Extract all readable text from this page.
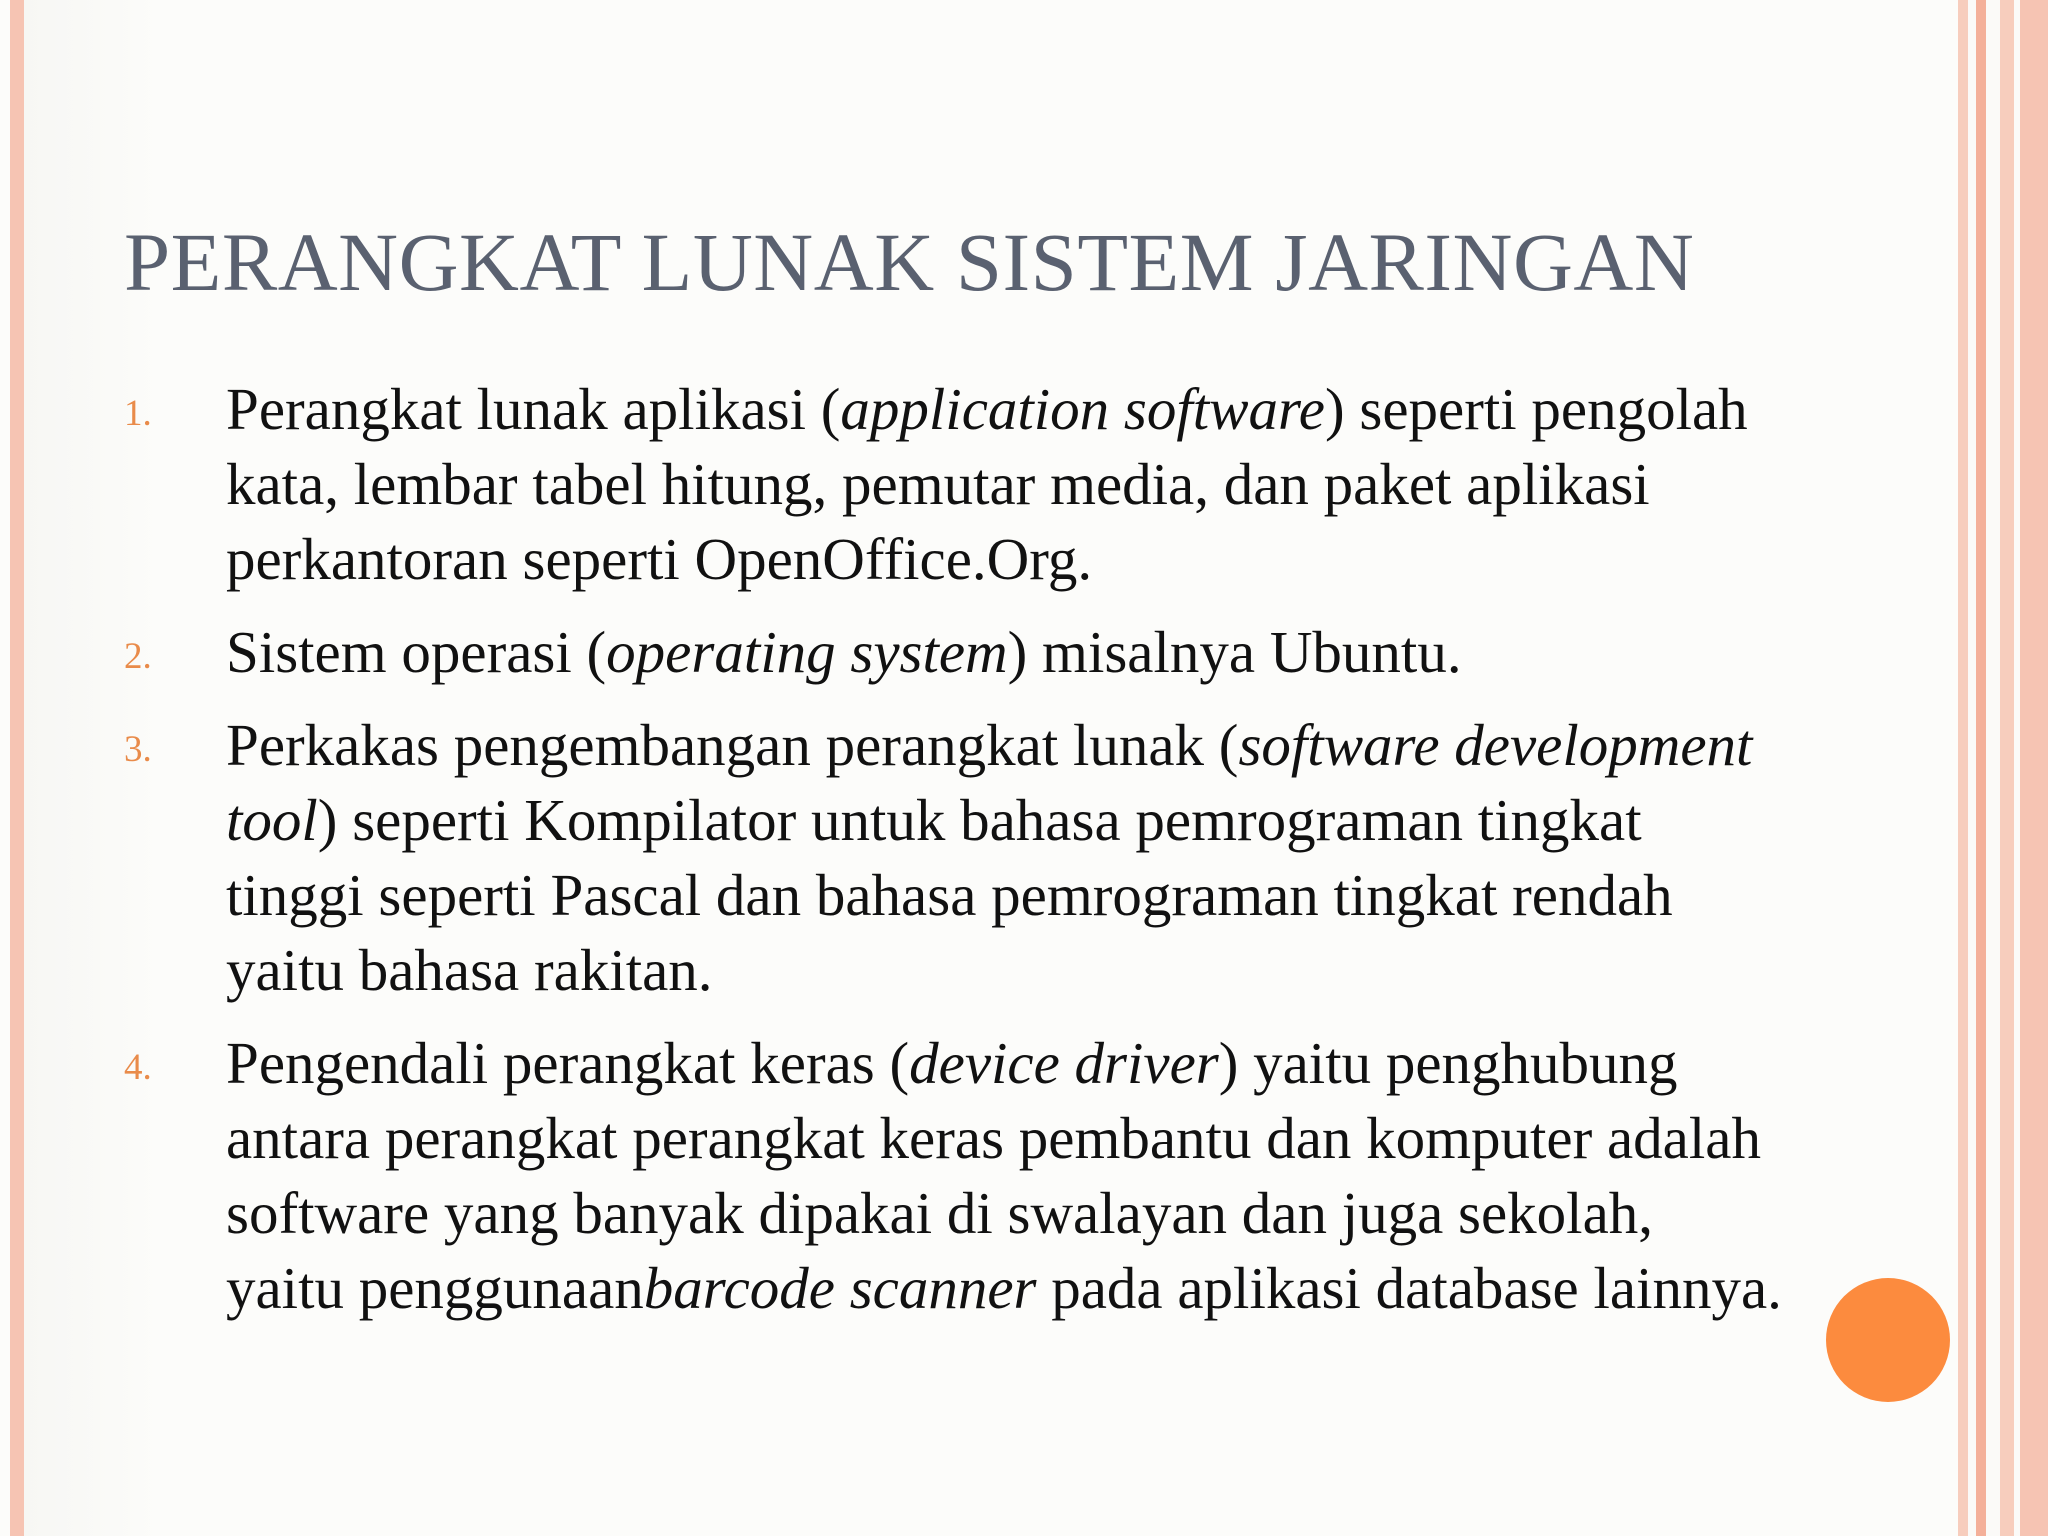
PERANGKAT LUNAK SISTEM JARINGAN
1. Perangkat lunak aplikasi (application software) seperti pengolah kata, lembar tabel hitung, pemutar media, dan paket aplikasi perkantoran seperti OpenOffice.Org.
2. Sistem operasi (operating system) misalnya Ubuntu.
3. Perkakas pengembangan perangkat lunak (software development tool) seperti Kompilator untuk bahasa pemrograman tingkat tinggi seperti Pascal dan bahasa pemrograman tingkat rendah yaitu bahasa rakitan.
4. Pengendali perangkat keras (device driver) yaitu penghubung antara perangkat perangkat keras pembantu dan komputer adalah software yang banyak dipakai di swalayan dan juga sekolah, yaitu penggunaanbarcode scanner pada aplikasi database lainnya.
